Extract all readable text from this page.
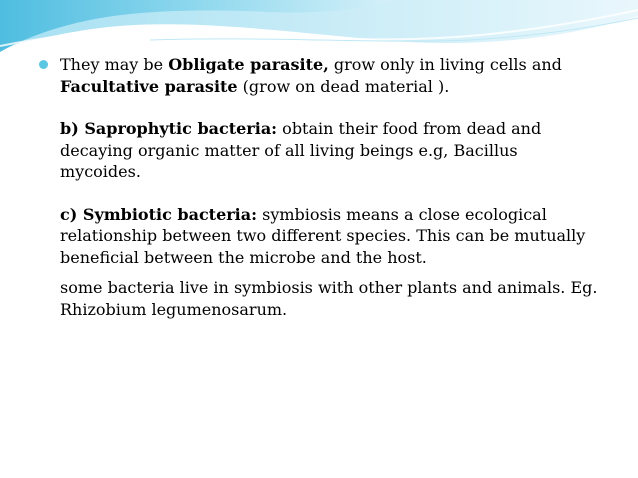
They may be Obligate parasite, grow only in living cells and Facultative parasite (grow on dead material ).

b) Saprophytic bacteria: obtain their food from dead and decaying organic matter of all living beings e.g, Bacillus mycoides.

c) Symbiotic bacteria: symbiosis means a close ecological relationship between two different species. This can be mutually beneficial between the microbe and the host.

some bacteria live in symbiosis with other plants and animals. Eg. Rhizobium legumenosarum.
